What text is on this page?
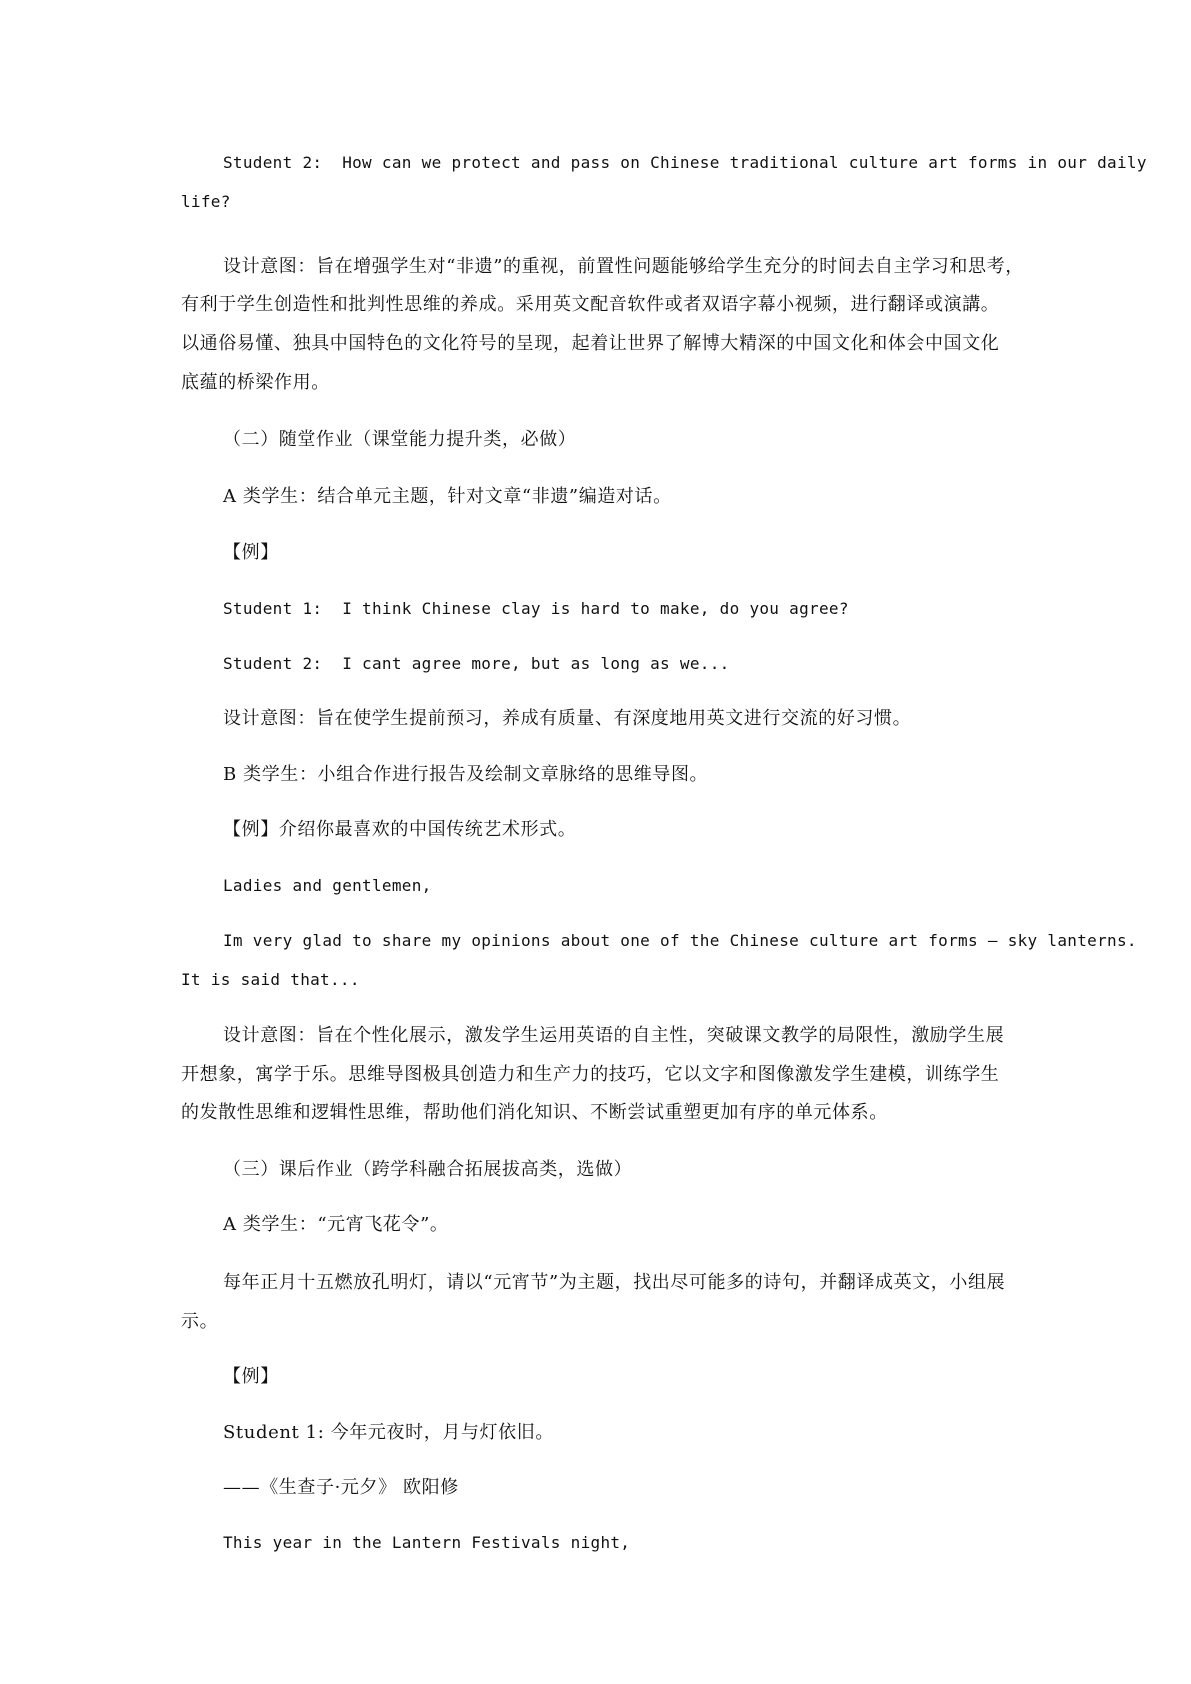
Student 2:  How can we protect and pass on Chinese traditional culture art forms in our daily
life?
设计意图：旨在增强学生对“非遗”的重视，前置性问题能够给学生充分的时间去自主学习和思考，
有利于学生创造性和批判性思维的养成。采用英文配音软件或者双语字幕小视频，进行翻译或演講。
以通俗易懂、独具中国特色的文化符号的呈现，起着让世界了解博大精深的中国文化和体会中国文化
底蕴的桥梁作用。
（二）随堂作业（课堂能力提升类，必做）
A 类学生：结合单元主题，针对文章“非遗”编造对话。
【例】
Student 1:  I think Chinese clay is hard to make, do you agree?
Student 2:  I cant agree more, but as long as we...
设计意图：旨在使学生提前预习，养成有质量、有深度地用英文进行交流的好习惯。
B 类学生：小组合作进行报告及绘制文章脉络的思维导图。
【例】介绍你最喜欢的中国传统艺术形式。
Ladies and gentlemen,
Im very glad to share my opinions about one of the Chinese culture art forms — sky lanterns.
It is said that...
设计意图：旨在个性化展示，激发学生运用英语的自主性，突破课文教学的局限性，激励学生展
开想象，寓学于乐。思维导图极具创造力和生产力的技巧，它以文字和图像激发学生建模，训练学生
的发散性思维和逻辑性思维，帮助他们消化知识、不断尝试重塑更加有序的单元体系。
（三）课后作业（跨学科融合拓展拔高类，选做）
A 类学生：“元宵飞花令”。
每年正月十五燃放孔明灯，请以“元宵节”为主题，找出尽可能多的诗句，并翻译成英文，小组展
示。
【例】
Student 1: 今年元夜时，月与灯依旧。
——《生查子·元夕》 欧阳修
This year in the Lantern Festivals night,
